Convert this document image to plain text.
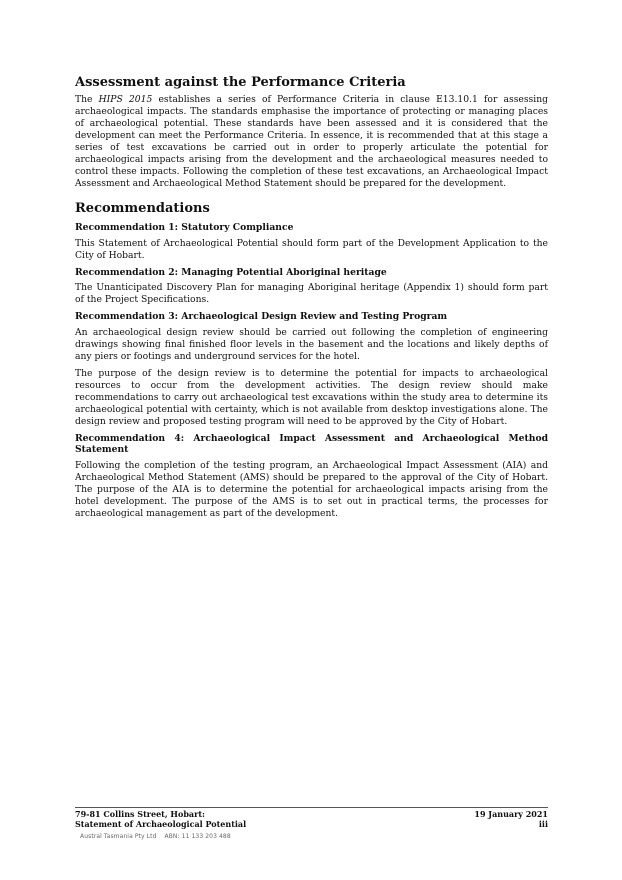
Assessment against the Performance Criteria

The HIPS 2015 establishes a series of Performance Criteria in clause E13.10.1 for assessing archaeological impacts. The standards emphasise the importance of protecting or managing places of archaeological potential. These standards have been assessed and it is considered that the development can meet the Performance Criteria. In essence, it is recommended that at this stage a series of test excavations be carried out in order to properly articulate the potential for archaeological impacts arising from the development and the archaeological measures needed to control these impacts. Following the completion of these test excavations, an Archaeological Impact Assessment and Archaeological Method Statement should be prepared for the development.

Recommendations
Recommendation 1: Statutory Compliance

This Statement of Archaeological Potential should form part of the Development Application to the City of Hobart.

Recommendation 2: Managing Potential Aboriginal heritage

The Unanticipated Discovery Plan for managing Aboriginal heritage (Appendix 1) should form part of the Project Specifications.

Recommendation 3: Archaeological Design Review and Testing Program

An archaeological design review should be carried out following the completion of engineering drawings showing final finished floor levels in the basement and the locations and likely depths of any piers or footings and underground services for the hotel.

The purpose of the design review is to determine the potential for impacts to archaeological resources to occur from the development activities. The design review should make recommendations to carry out archaeological test excavations within the study area to determine its archaeological potential with certainty, which is not available from desktop investigations alone. The design review and proposed testing program will need to be approved by the City of Hobart.

Recommendation 4: Archaeological Impact Assessment and Archaeological Method Statement

Following the completion of the testing program, an Archaeological Impact Assessment (AIA) and Archaeological Method Statement (AMS) should be prepared to the approval of the City of Hobart. The purpose of the AIA is to determine the potential for archaeological impacts arising from the hotel development. The purpose of the AMS is to set out in practical terms, the processes for archaeological management as part of the development.

79-81 Collins Street, Hobart:
Statement of Archaeological Potential
19 January 2021
iii
Austral Tasmania Pty Ltd ABN: 11 133 203 488
